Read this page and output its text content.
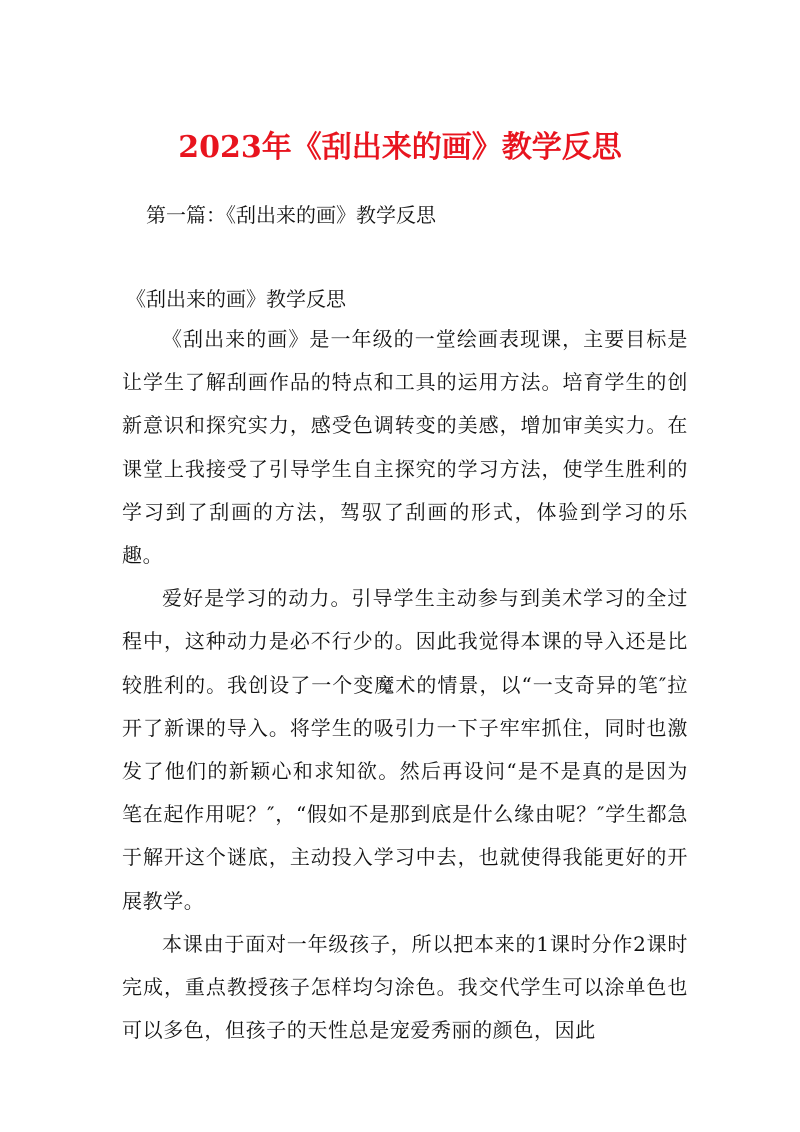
2023年《刮出来的画》教学反思

第一篇：《刮出来的画》教学反思

《刮出来的画》教学反思

《刮出来的画》是一年级的一堂绘画表现课，主要目标是让学生了解刮画作品的特点和工具的运用方法。培育学生的创新意识和探究实力，感受色调转变的美感，增加审美实力。在课堂上我接受了引导学生自主探究的学习方法，使学生胜利的学习到了刮画的方法，驾驭了刮画的形式，体验到学习的乐趣。

爱好是学习的动力。引导学生主动参与到美术学习的全过程中，这种动力是必不行少的。因此我觉得本课的导入还是比较胜利的。我创设了一个变魔术的情景，以“一支奇异的笔″拉开了新课的导入。将学生的吸引力一下子牢牢抓住，同时也激发了他们的新颖心和求知欲。然后再设问“是不是真的是因为笔在起作用呢？″，“假如不是那到底是什么缘由呢？″学生都急于解开这个谜底，主动投入学习中去，也就使得我能更好的开展教学。

本课由于面对一年级孩子，所以把本来的1课时分作2课时完成，重点教授孩子怎样均匀涂色。我交代学生可以涂单色也可以多色，但孩子的天性总是宠爱秀丽的颜色，因此
